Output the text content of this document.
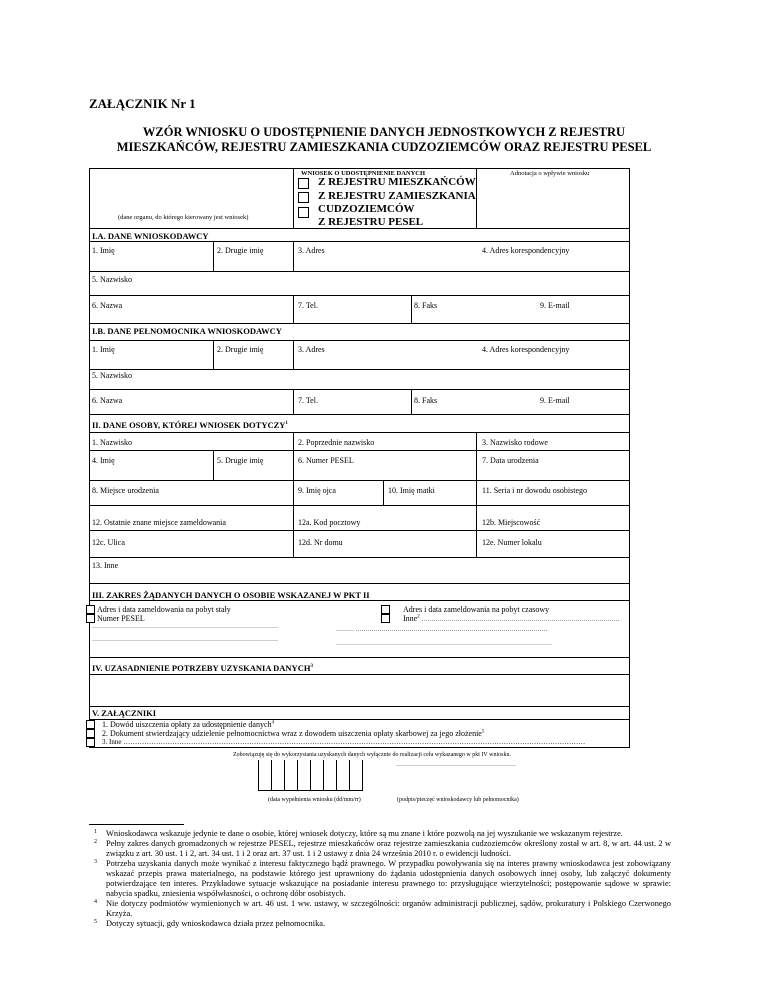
ZAŁĄCZNIK Nr 1
WZÓR WNIOSKU O UDOSTĘPNIENIE DANYCH JEDNOSTKOWYCH Z REJESTRU
MIESZKAŃCÓW, REJESTRU ZAMIESZKANIA CUDZOZIEMCÓW ORAZ REJESTRU PESEL
(dane organu, do którego kierowany jest wniosek)
WNIOSEK O UDOSTĘPNIENIE DANYCH	Adnotacja o wpływie wniosku
Z REJESTRU MIESZKAŃCÓW
Z REJESTRU ZAMIESZKANIA
CUDZOZIEMCÓW
Z REJESTRU PESEL
I.A. DANE WNIOSKODAWCY
1. Imię	2. Drugie imię	3. Adres	4. Adres korespondencyjny
5. Nazwisko
6. Nazwa	7. Tel.	8. Faks	9. E-mail
I.B. DANE PEŁNOMOCNIKA WNIOSKODAWCY
1. Imię	2. Drugie imię	3. Adres	4. Adres korespondencyjny
5. Nazwisko
6. Nazwa	7. Tel.	8. Faks	9. E-mail
II. DANE OSOBY, KTÓREJ WNIOSEK DOTYCZY$^1$
1. Nazwisko	2. Poprzednie nazwisko	3. Nazwisko rodowe
4. Imię	5. Drugie imię	6. Numer PESEL	7. Data urodzenia
8. Miejsce urodzenia	9. Imię ojca	10. Imię matki	11. Seria i nr dowodu osobistego
12. Ostatnie znane miejsce zameldowania	12a. Kod pocztowy	12b. Miejscowość
12c. Ulica	12d. Nr domu	12e. Numer lokalu
13. Inne
III. ZAKRES ŻĄDANYCH DANYCH O OSOBIE WSKAZANEJ W PKT II
Adres i data zameldowania na pobyt stały
Numer PESEL
…………………………………………………………………………………
…………………………………………………………………………………
Adres i data zameldowania na pobyt czasowy
Inne$^2$ ………………………………………………………………………………………
……… ……………………………………………………………………………………
………………………………………………………………………………………………
IV. UZASADNIENIE POTRZEBY UZYSKANIA DANYCH$^3$
V. ZAŁĄCZNIKI
1. Dowód uiszczenia opłaty za udostępnienie danych$^4$
2. Dokument stwierdzający udzielenie pełnomocnictwa wraz z dowodem uiszczenia opłaty skarbowej za jego złożenie$^5$
3. Inne ………………………………………………………………………………………………………………………………………………………………………………
Zobowiązuję się do wykorzystania uzyskanych danych wyłącznie do realizacji celu wykazanego w pkt IV wniosku.
……………………………………………………
(data wypełnienia wniosku (dd/mm/rr)	(podpis/pieczęć wnioskodawcy lub pełnomocnika)
1 Wnioskodawca wskazuje jedynie te dane o osobie, której wniosek dotyczy, które są mu znane i które pozwolą na jej wyszukanie we wskazanym rejestrze.
2 Pełny zakres danych gromadzonych w rejestrze PESEL, rejestrze mieszkańców oraz rejestrze zamieszkania cudzoziemców określony został w art. 8, w art. 44 ust. 2 w związku z art. 30 ust. 1 i 2, art. 34 ust. 1 i 2 oraz art. 37 ust. 1 i 2 ustawy z dnia 24 września 2010 r. o ewidencji ludności.
3 Potrzeba uzyskania danych może wynikać z interesu faktycznego bądź prawnego. W przypadku powoływania się na interes prawny wnioskodawca jest zobowiązany wskazać przepis prawa materialnego, na podstawie którego jest uprawniony do żądania udostępnienia danych osobowych innej osoby, lub załączyć dokumenty potwierdzające ten interes. Przykładowe sytuacje wskazujące na posiadanie interesu prawnego to: przysługujące wierzytelności; postępowanie sądowe w sprawie: nabycia spadku, zniesienia współwłasności, o ochronę dóbr osobistych.
4 Nie dotyczy podmiotów wymienionych w art. 46 ust. 1 ww. ustawy, w szczególności: organów administracji publicznej, sądów, prokuratury i Polskiego Czerwonego Krzyża.
5 Dotyczy sytuacji, gdy wnioskodawca działa przez pełnomocnika.
